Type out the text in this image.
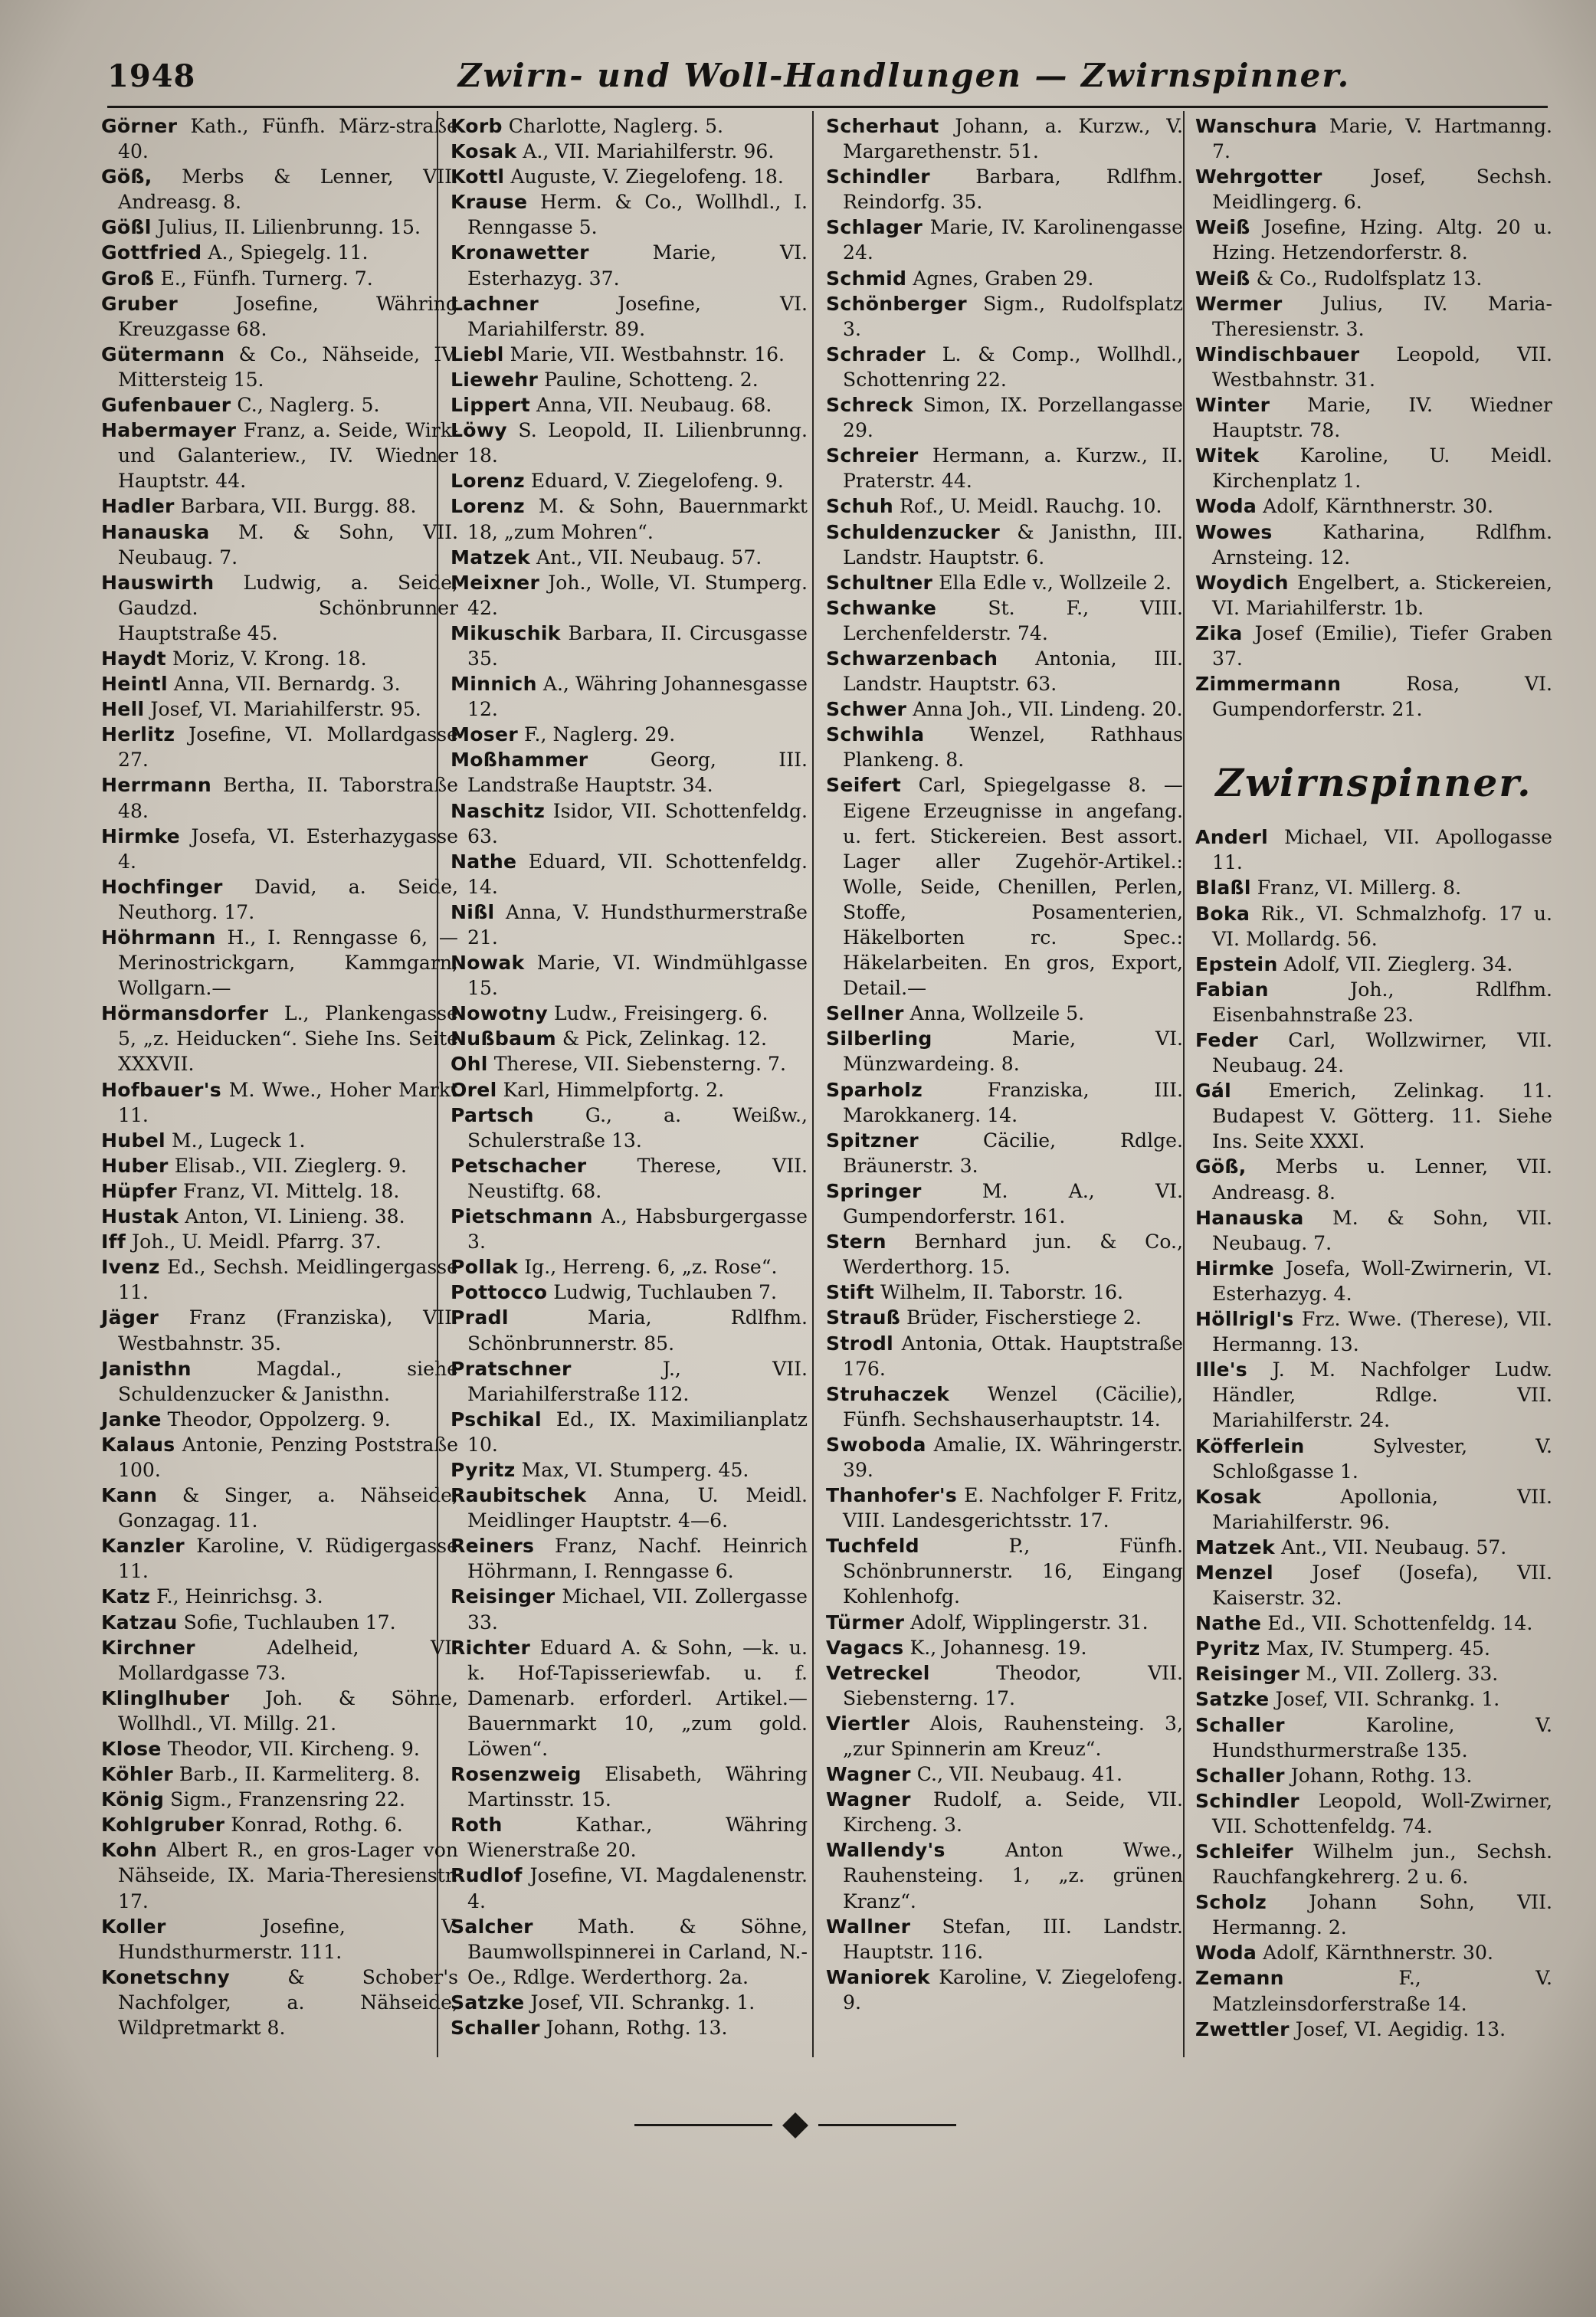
1948	Zwirn- und Woll-Handlungen — Zwirnspinner.

Görner Kath., Fünfh. März-straße 40.

Göß, Merbs & Lenner, VII. Andreasg. 8.

Gößl Julius, II. Lilienbrunng. 15.

Gottfried A., Spiegelg. 11.

Groß E., Fünfh. Turnerg. 7.

Gruber	Josefine, Währing Kreuzgasse 68.

Gütermann & Co., Nähseide, IV. Mittersteig 15.

Gufenbauer C., Naglerg. 5.

Habermayer Franz, a. Seide, Wirk- und Galanteriew., IV. Wiedner Hauptstr. 44.

Hadler Barbara, VII. Burgg. 88.

Hanauska M. & Sohn, VII. Neubaug. 7.

Hauswirth Ludwig, a. Seide, Gaudzd. Schönbrunner Hauptstraße 45.

Haydt Moriz, V. Krong. 18.

Heintl Anna, VII. Bernardg. 3.

Hell Josef, VI. Mariahilferstr. 95.

Herlitz Josefine, VI. Mollardgasse 27.

Herrmann Bertha, II. Taborstraße 48.

Hirmke Josefa, VI. Esterhazygasse 4.

Hochfinger David, a. Seide, Neuthorg. 17.

Höhrmann H., I. Renngasse 6, —Merinostrickgarn, Kammgarn, Wollgarn.—

Hörmansdorfer L., Plankengasse 5, „z. Heiducken“. Siehe Ins. Seite XXXVII.

Hofbauer's M. Wwe., Hoher Markt 11.

Hubel M., Lugeck 1.

Huber Elisab., VII. Zieglerg. 9.

Hüpfer Franz, VI. Mittelg. 18.

Hustak Anton, VI. Linieng. 38.

Iff Joh., U. Meidl. Pfarrg. 37.

Ivenz Ed., Sechsh. Meidlingergasse 11.

Jäger Franz (Franziska), VII. Westbahnstr. 35.

Janisthn	Magdal., siehe Schuldenzucker & Janisthn.

Janke Theodor, Oppolzerg. 9.

Kalaus Antonie, Penzing Poststraße 100.

Kann & Singer, a. Nähseide, Gonzagag. 11.

Kanzler Karoline, V. Rüdigergasse 11.

Katz F., Heinrichsg. 3.

Katzau Sofie, Tuchlauben 17.

Kirchner	Adelheid, VI. Mollardgasse 73.

Klinglhuber Joh. & Söhne, Wollhdl., VI. Millg. 21.

Klose Theodor, VII. Kircheng. 9.

Köhler Barb., II. Karmeliterg. 8.

König Sigm., Franzensring 22.

Kohlgruber Konrad, Rothg. 6.

Kohn Albert R., en gros-Lager von Nähseide, IX. Maria-Theresienstr. 17.

Koller	Josefine, V. Hundsthurmerstr. 111.

Konetschny	& Schober's Nachfolger, a. Nähseide, Wildpretmarkt 8.

Korb Charlotte, Naglerg. 5.

Kosak A., VII. Mariahilferstr. 96.

Kottl Auguste, V. Ziegelofeng. 18.

Krause Herm. & Co., Wollhdl., I. Renngasse 5.

Kronawetter	Marie, VI. Esterhazyg. 37.

Lachner	Josefine, VI. Mariahilferstr. 89.

Liebl Marie, VII. Westbahnstr. 16.

Liewehr Pauline, Schotteng. 2.

Lippert Anna, VII. Neubaug. 68.

Löwy S. Leopold, II. Lilienbrunng. 18.

Lorenz Eduard, V. Ziegelofeng. 9.

Lorenz M. & Sohn, Bauernmarkt 18, „zum Mohren“.

Matzek Ant., VII. Neubaug. 57.

Meixner Joh., Wolle, VI. Stumperg. 42.

Mikuschik Barbara, II. Circusgasse 35.

Minnich A., Währing Johannesgasse 12.

Moser F., Naglerg. 29.

Moßhammer	Georg, III. Landstraße Hauptstr. 34.

Naschitz Isidor, VII. Schottenfeldg. 63.

Nathe Eduard, VII. Schottenfeldg. 14.

Nißl Anna, V. Hundsthurmerstraße 21.

Nowak Marie, VI. Windmühlgasse 15.

Nowotny Ludw., Freisingerg. 6.

Nußbaum & Pick, Zelinkag. 12.

Ohl Therese, VII. Siebensterng. 7.

Orel Karl, Himmelpfortg. 2.

Partsch	G., a. Weißw., Schulerstraße 13.

Petschacher	Therese, VII. Neustiftg. 68.

Pietschmann A., Habsburgergasse 3.

Pollak Ig., Herreng. 6, „z. Rose“.

Pottocco Ludwig, Tuchlauben 7.

Pradl	Maria, Rdlfhm. Schönbrunnerstr. 85.

Pratschner	J., VII. Mariahilferstraße 112.

Pschikal Ed., IX. Maximilianplatz 10.

Pyritz Max, VI. Stumperg. 45.

Raubitschek Anna, U. Meidl. Meidlinger Hauptstr. 4—6.

Reiners Franz, Nachf. Heinrich Höhrmann, I. Renngasse 6.

Reisinger Michael, VII. Zollergasse 33.

Richter Eduard A. & Sohn, —k. u. k. Hof-Tapisseriewfab. u. f. Damenarb. erforderl. Artikel.— Bauernmarkt 10, „zum gold. Löwen“.

Rosenzweig Elisabeth, Währing Martinsstr. 15.

Roth	Kathar., Währing Wienerstraße 20.

Rudlof Josefine, VI. Magdalenenstr. 4.

Salcher Math. & Söhne, Baumwollspinnerei in Carland, N.-Oe., Rdlge. Werderthorg. 2a.

Satzke Josef, VII. Schrankg. 1.

Schaller Johann, Rothg. 13.

Scherhaut Johann, a. Kurzw., V. Margarethenstr. 51.

Schindler Barbara, Rdlfhm. Reindorfg. 35.

Schlager Marie, IV. Karolinengasse 24.

Schmid Agnes, Graben 29.

Schönberger Sigm., Rudolfsplatz 3.

Schrader L. & Comp., Wollhdl., Schottenring 22.

Schreck Simon, IX. Porzellangasse 29.

Schreier Hermann, a. Kurzw., II. Praterstr. 44.

Schuh Rof., U. Meidl. Rauchg. 10.

Schuldenzucker & Janisthn, III. Landstr. Hauptstr. 6.

Schultner Ella Edle v., Wollzeile 2.

Schwanke	St. F., VIII. Lerchenfelderstr. 74.

Schwarzenbach Antonia, III. Landstr. Hauptstr. 63.

Schwer Anna Joh., VII. Lindeng. 20.

Schwihla Wenzel, Rathhaus Plankeng. 8.

Seifert Carl, Spiegelgasse 8. —Eigene Erzeugnisse in angefang. u. fert. Stickereien. Best assort. Lager aller Zugehör-Artikel.: Wolle, Seide, Chenillen, Perlen, Stoffe, Posamenterien, Häkelborten rc. Spec.: Häkelarbeiten. En gros, Export, Detail.—

Sellner Anna, Wollzeile 5.

Silberling	Marie, VI. Münzwardeing. 8.

Sparholz	Franziska, III. Marokkanerg. 14.

Spitzner	Cäcilie, Rdlge. Bräunerstr. 3.

Springer	M. A., VI. Gumpendorferstr. 161.

Stern Bernhard jun. & Co., Werderthorg. 15.

Stift Wilhelm, II. Taborstr. 16.

Strauß Brüder, Fischerstiege 2.

Strodl Antonia, Ottak. Hauptstraße 176.

Struhaczek Wenzel (Cäcilie), Fünfh. Sechshauserhauptstr. 14.

Swoboda Amalie, IX. Währingerstr. 39.

Thanhofer's E. Nachfolger F. Fritz, VIII. Landesgerichtsstr. 17.

Tuchfeld	P., Fünfh. Schönbrunnerstr. 16, Eingang Kohlenhofg.

Türmer Adolf, Wipplingerstr. 31.

Vagacs K., Johannesg. 19.

Vetreckel	Theodor, VII. Siebensterng. 17.

Viertler Alois, Rauhensteing. 3, „zur Spinnerin am Kreuz“.

Wagner C., VII. Neubaug. 41.

Wagner Rudolf, a. Seide, VII. Kircheng. 3.

Wallendy's	Anton Wwe., Rauhensteing. 1, „z. grünen Kranz“.

Wallner Stefan, III. Landstr. Hauptstr. 116.

Waniorek Karoline, V. Ziegelofeng. 9.

Wanschura Marie, V. Hartmanng. 7.

Wehrgotter	Josef, Sechsh. Meidlingerg. 6.

Weiß Josefine, Hzing. Altg. 20 u. Hzing. Hetzendorferstr. 8.

Weiß & Co., Rudolfsplatz 13.

Wermer Julius, IV. Maria-Theresienstr. 3.

Windischbauer Leopold, VII. Westbahnstr. 31.

Winter Marie, IV. Wiedner Hauptstr. 78.

Witek Karoline, U. Meidl. Kirchenplatz 1.

Woda Adolf, Kärnthnerstr. 30.

Wowes	Katharina, Rdlfhm. Arnsteing. 12.

Woydich Engelbert, a. Stickereien, VI. Mariahilferstr. 1b.

Zika Josef (Emilie), Tiefer Graben 37.

Zimmermann	Rosa, VI. Gumpendorferstr. 21.

Zwirnspinner.

Anderl Michael, VII. Apollogasse 11.

Blaßl Franz, VI. Millerg. 8.

Boka Rik., VI. Schmalzhofg. 17 u. VI. Mollardg. 56.

Epstein Adolf, VII. Zieglerg. 34.

Fabian	Joh., Rdlfhm. Eisenbahnstraße 23.

Feder Carl, Wollzwirner, VII. Neubaug. 24.

Gál Emerich, Zelinkag. 11. Budapest V. Götterg. 11. Siehe Ins. Seite XXXI.

Göß, Merbs u. Lenner, VII. Andreasg. 8.

Hanauska M. & Sohn, VII. Neubaug. 7.

Hirmke Josefa, Woll-Zwirnerin, VI. Esterhazyg. 4.

Höllrigl's Frz. Wwe. (Therese), VII. Hermanng. 13.

Ille's J. M. Nachfolger Ludw. Händler, Rdlge. VII. Mariahilferstr. 24.

Köfferlein	Sylvester, V. Schloßgasse 1.

Kosak	Apollonia, VII. Mariahilferstr. 96.

Matzek Ant., VII. Neubaug. 57.

Menzel Josef (Josefa), VII. Kaiserstr. 32.

Nathe Ed., VII. Schottenfeldg. 14.

Pyritz Max, IV. Stumperg. 45.

Reisinger M., VII. Zollerg. 33.

Satzke Josef, VII. Schrankg. 1.

Schaller	Karoline, V. Hundsthurmerstraße 135.

Schaller Johann, Rothg. 13.

Schindler Leopold, Woll-Zwirner, VII. Schottenfeldg. 74.

Schleifer Wilhelm jun., Sechsh. Rauchfangkehrerg. 2 u. 6.

Scholz Johann Sohn, VII. Hermanng. 2.

Woda Adolf, Kärnthnerstr. 30.

Zemann	F., V. Matzleinsdorferstraße 14.

Zwettler Josef, VI. Aegidig. 13.
